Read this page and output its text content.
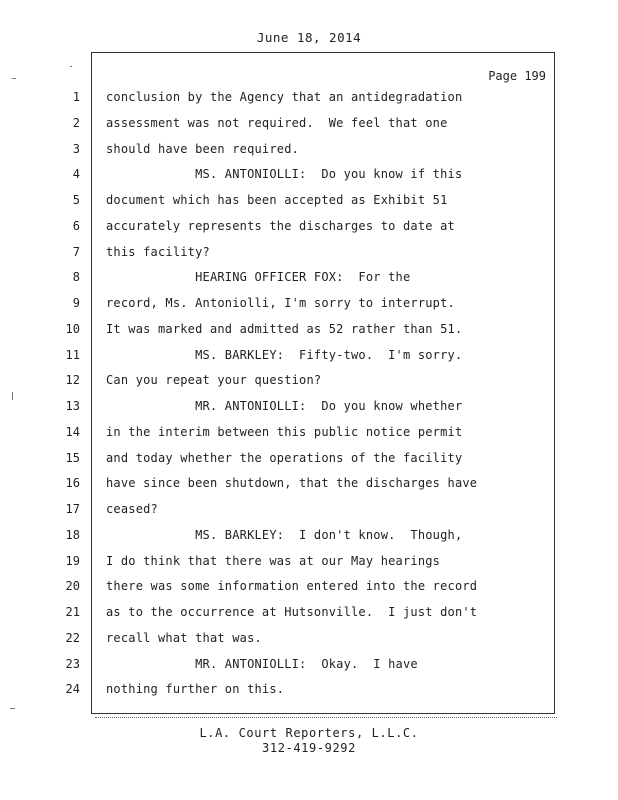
June 18, 2014
Page 199
1 conclusion by the Agency that an antidegradation
2 assessment was not required.  We feel that one
3 should have been required.
4 MS. ANTONIOLLI:  Do you know if this
5 document which has been accepted as Exhibit 51
6 accurately represents the discharges to date at
7 this facility?
8 HEARING OFFICER FOX:  For the
9 record, Ms. Antoniolli, I'm sorry to interrupt.
10 It was marked and admitted as 52 rather than 51.
11 MS. BARKLEY:  Fifty-two.  I'm sorry.
12 Can you repeat your question?
13 MR. ANTONIOLLI:  Do you know whether
14 in the interim between this public notice permit
15 and today whether the operations of the facility
16 have since been shutdown, that the discharges have
17 ceased?
18 MS. BARKLEY:  I don't know.  Though,
19 I do think that there was at our May hearings
20 there was some information entered into the record
21 as to the occurrence at Hutsonville.  I just don't
22 recall what that was.
23 MR. ANTONIOLLI:  Okay.  I have
24 nothing further on this.
L.A. Court Reporters, L.L.C.
312-419-9292
